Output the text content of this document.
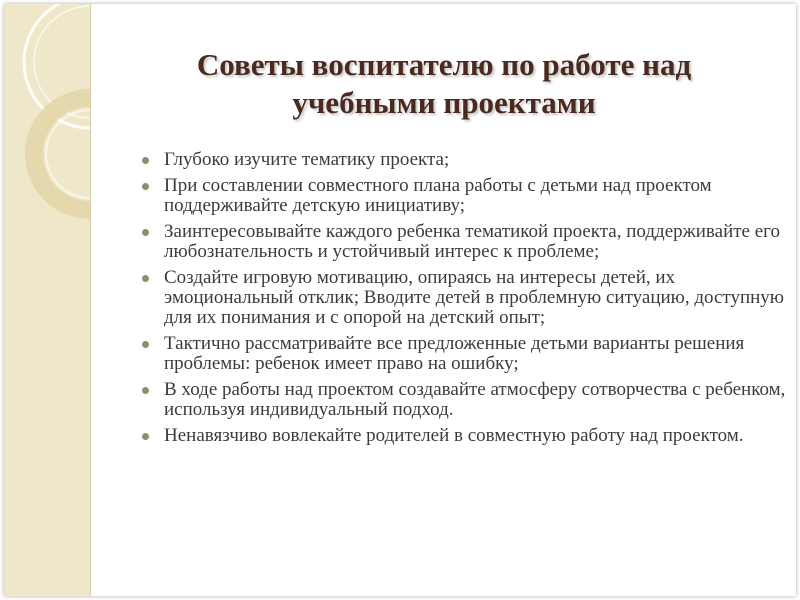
Советы воспитателю по работе над
учебными проектами
Глубоко изучите тематику проекта;
При составлении совместного плана работы с детьми над проектом поддерживайте детскую инициативу;
Заинтересовывайте каждого ребенка тематикой проекта, поддерживайте его любознательность и устойчивый интерес к проблеме;
Создайте игровую мотивацию, опираясь на интересы детей, их эмоциональный отклик; Вводите детей в проблемную ситуацию, доступную для их понимания и с опорой на детский опыт;
Тактично рассматривайте все предложенные детьми варианты решения проблемы: ребенок имеет право на ошибку;
В ходе работы над проектом создавайте атмосферу сотворчества с ребенком, используя индивидуальный подход.
Ненавязчиво вовлекайте родителей в совместную работу над проектом.
